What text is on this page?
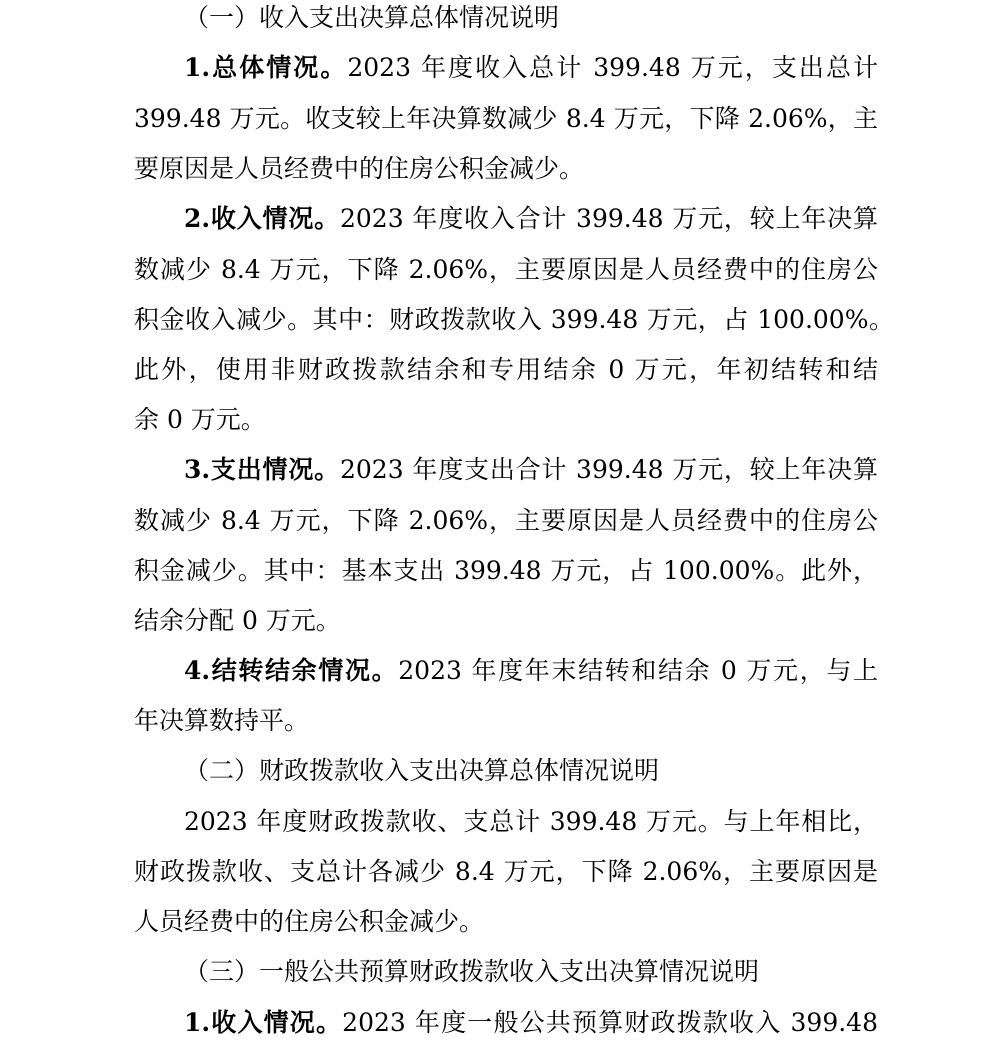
（一）收入支出决算总体情况说明
1.总体情况。2023 年度收入总计 399.48 万元，支出总计
399.48 万元。收支较上年决算数减少 8.4 万元，下降 2.06%，主
要原因是人员经费中的住房公积金减少。
2.收入情况。2023 年度收入合计 399.48 万元，较上年决算
数减少 8.4 万元，下降 2.06%，主要原因是人员经费中的住房公
积金收入减少。其中：财政拨款收入 399.48 万元，占 100.00%。
此外，使用非财政拨款结余和专用结余 0 万元，年初结转和结
余 0 万元。
3.支出情况。2023 年度支出合计 399.48 万元，较上年决算
数减少 8.4 万元，下降 2.06%，主要原因是人员经费中的住房公
积金减少。其中：基本支出 399.48 万元，占 100.00%。此外，
结余分配 0 万元。
4.结转结余情况。2023 年度年末结转和结余 0 万元，与上
年决算数持平。
（二）财政拨款收入支出决算总体情况说明
2023 年度财政拨款收、支总计 399.48 万元。与上年相比，
财政拨款收、支总计各减少 8.4 万元，下降 2.06%，主要原因是
人员经费中的住房公积金减少。
（三）一般公共预算财政拨款收入支出决算情况说明
1.收入情况。2023 年度一般公共预算财政拨款收入 399.48
